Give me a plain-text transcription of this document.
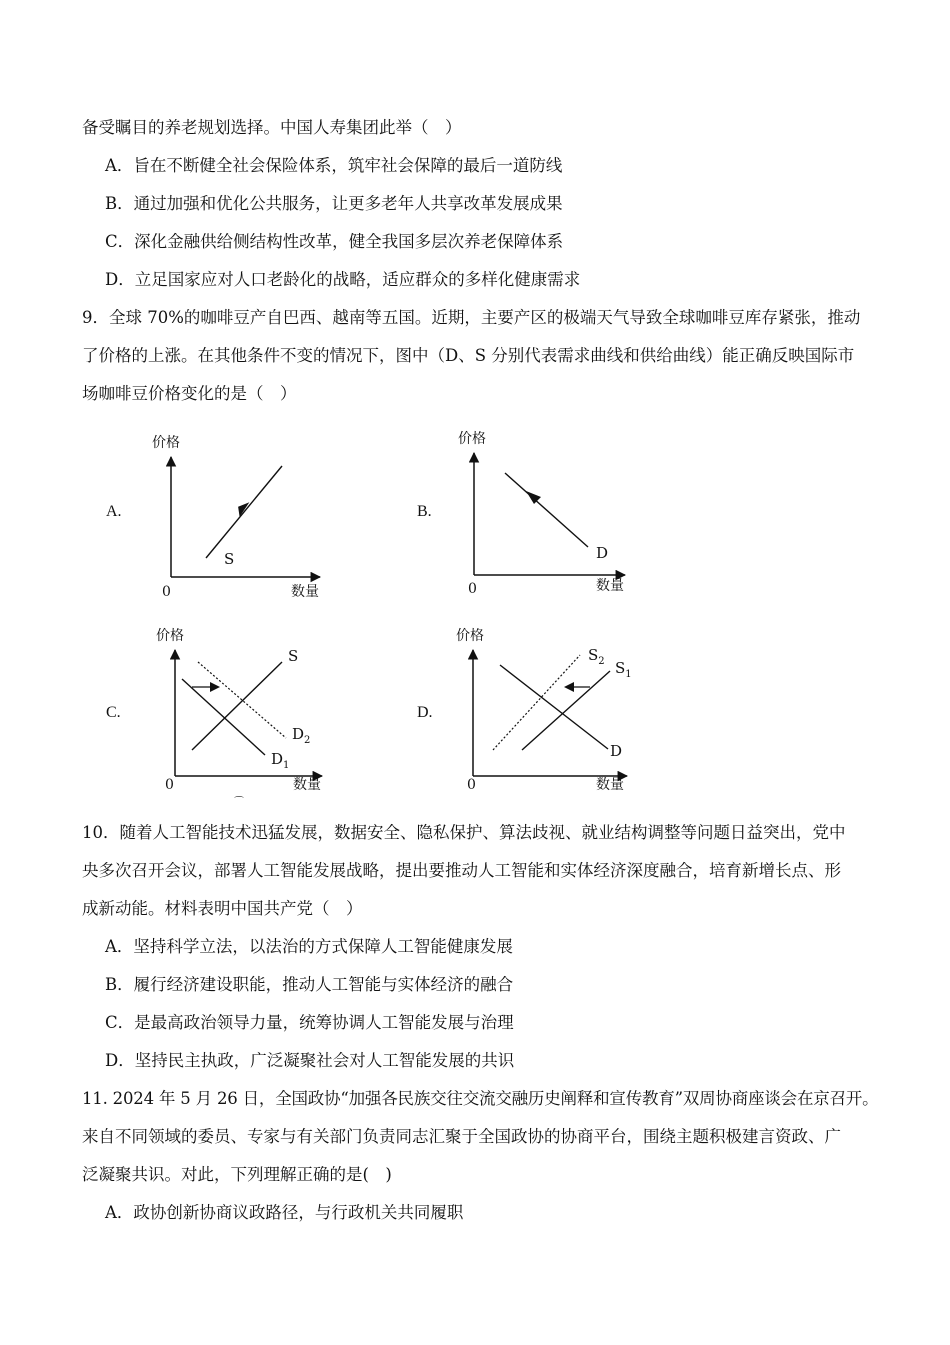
备受瞩目的养老规划选择。中国人寿集团此举（　）
A．旨在不断健全社会保险体系，筑牢社会保障的最后一道防线
B．通过加强和优化公共服务，让更多老年人共享改革发展成果
C．深化金融供给侧结构性改革，健全我国多层次养老保障体系
D．立足国家应对人口老龄化的战略，适应群众的多样化健康需求
9．全球 70%的咖啡豆产自巴西、越南等五国。近期，主要产区的极端天气导致全球咖啡豆库存紧张，推动
了价格的上涨。在其他条件不变的情况下，图中（D、S 分别代表需求曲线和供给曲线）能正确反映国际市
场咖啡豆价格变化的是（　）
A.	B.
C.	D.
价格
0	数量
S
价格
0	数量
D
价格
0	数量
S
$D_2$
$D_1$
⌒
价格
0	数量
$S_2$ $S_1$
D
10．随着人工智能技术迅猛发展，数据安全、隐私保护、算法歧视、就业结构调整等问题日益突出，党中
央多次召开会议，部署人工智能发展战略，提出要推动人工智能和实体经济深度融合，培育新增长点、形
成新动能。材料表明中国共产党（　）
A．坚持科学立法，以法治的方式保障人工智能健康发展
B．履行经济建设职能，推动人工智能与实体经济的融合
C．是最高政治领导力量，统筹协调人工智能发展与治理
D．坚持民主执政，广泛凝聚社会对人工智能发展的共识
11. 2024 年 5 月 26 日，全国政协“加强各民族交往交流交融历史阐释和宣传教育”双周协商座谈会在京召开。
来自不同领域的委员、专家与有关部门负责同志汇聚于全国政协的协商平台，围绕主题积极建言资政、广
泛凝聚共识。对此，下列理解正确的是(　)
A．政协创新协商议政路径，与行政机关共同履职
